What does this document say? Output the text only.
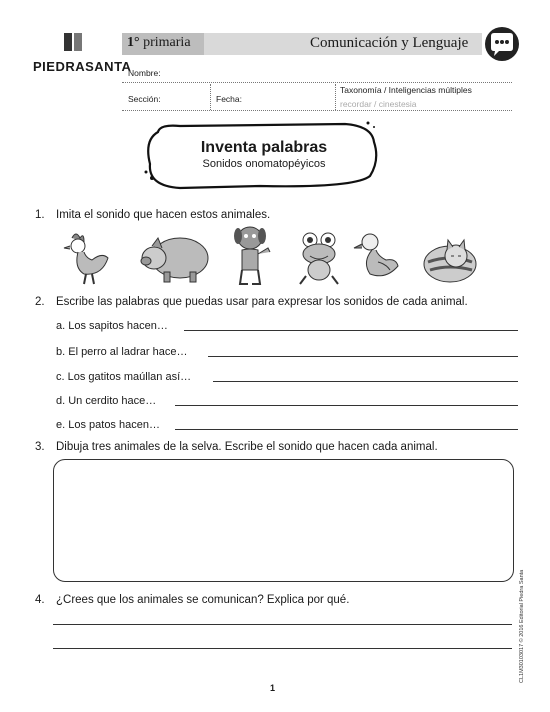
PIEDRASANTA
1° primaria	Comunicación y Lenguaje
Nombre:
Sección:	Fecha:
Taxonomía / Inteligencias múltiples
recordar / cinestesia
Inventa palabras
Sonidos onomatopéyicos
1. Imita el sonido que hacen estos animales.
2. Escribe las palabras que puedas usar para expresar los sonidos de cada animal.
a. Los sapitos hacen…
b. El perro al ladrar hace…
c. Los gatitos maúllan así…
d. Un cerdito hace…
e. Los patos hacen…
3. Dibuja tres animales de la selva. Escribe el sonido que hacen cada animal.
4. ¿Crees que los animales se comunican? Explica por qué.	CL1M30103017 © 2016 Editorial Piedra Santa
1
